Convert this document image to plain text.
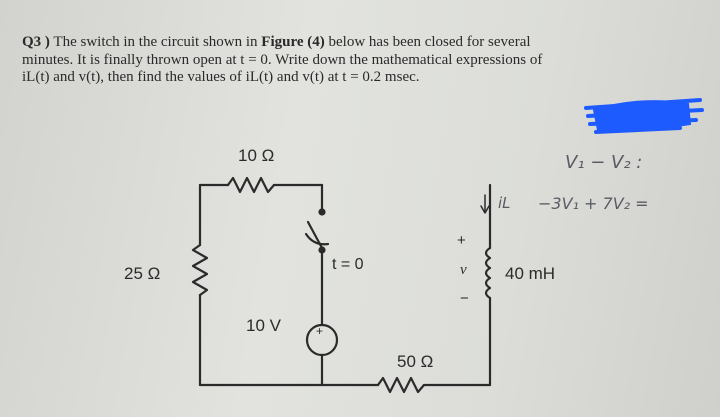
Q3 ) The switch in the circuit shown in Figure (4) below has been closed for several
minutes. It is finally thrown open at t = 0. Write down the mathematical expressions of
iL(t) and v(t), then find the values of iL(t) and v(t) at t = 0.2 msec.
10 Ω
25 Ω
50 Ω
10 V	+
t = 0	40 mH
+
v
−
iL
V₁ − V₂ :
−3V₁ + 7V₂ =
